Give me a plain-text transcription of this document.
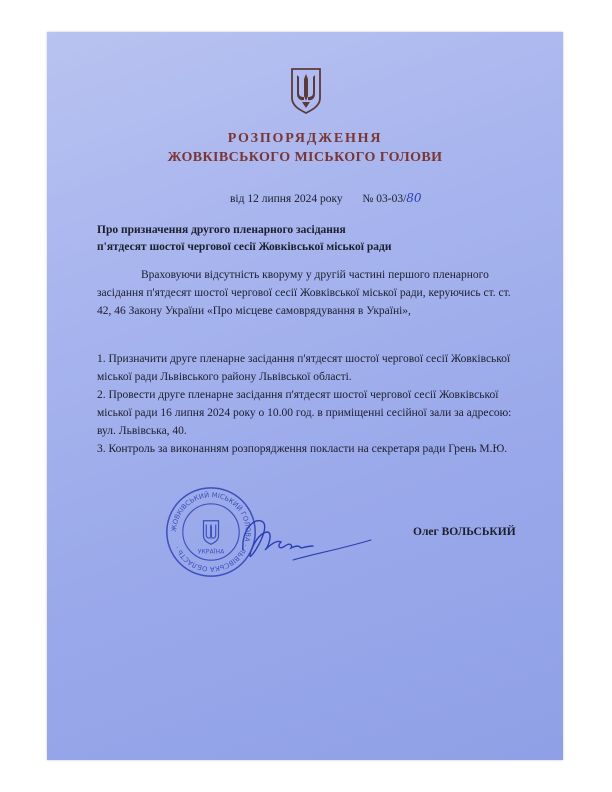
РОЗПОРЯДЖЕННЯ
ЖОВКІВСЬКОГО МІСЬКОГО ГОЛОВИ
від 12 липня 2024 року № 03-03/80
Про призначення другого пленарного засідання
п'ятдесят шостої чергової сесії Жовківської міської ради
Враховуючи відсутність кворуму у другій частині першого пленарного засідання п'ятдесят шостої чергової сесії Жовківської міської ради, керуючись ст. ст. 42, 46 Закону України «Про місцеве самоврядування в Україні»,

1. Призначити друге пленарне засідання п'ятдесят шостої чергової сесії Жовківської міської ради Львівського району Львівської області.

2. Провести друге пленарне засідання п'ятдесят шостої чергової сесії Жовківської міської ради 16 липня 2024 року о 10.00 год. в приміщенні сесійної зали за адресою: вул. Львівська, 40.

3. Контроль за виконанням розпорядження покласти на секретаря ради Грень М.Ю.

ЖОВКІВСЬКИЙ МІСЬКИЙ ГОЛОВА · ЛЬВІВСЬКА ОБЛАСТЬ ·
УКРАЇНА
Олег ВОЛЬСЬКИЙ
